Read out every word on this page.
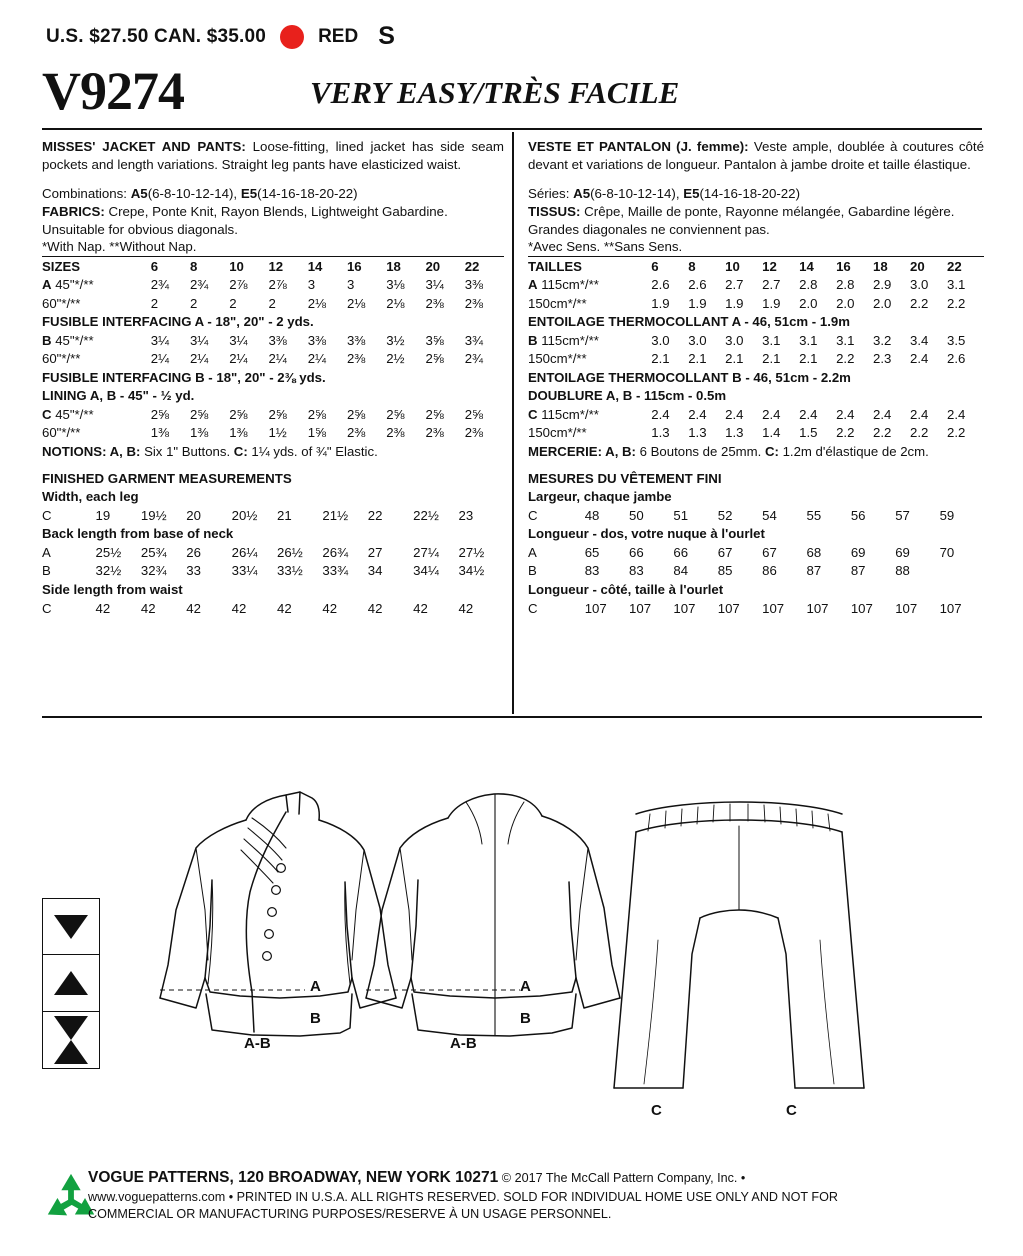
U.S. $27.50 CAN. $35.00	RED S
V9274	VERY EASY/TRÈS FACILE

MISSES' JACKET AND PANTS: Loose-fitting, lined jacket has side seam pockets and length variations. Straight leg pants have elasticized waist.

Combinations: A5(6-8-10-12-14), E5(14-16-18-20-22)

FABRICS: Crepe, Ponte Knit, Rayon Blends, Lightweight Gabardine.

Unsuitable for obvious diagonals.

*With Nap. **Without Nap.

SIZES	6	8	10	12	14	16	18	20	22
A 45"*/**	2¾	2¾	2⅞	2⅞	3	3	3⅛	3¼	3⅜
60"*/**	2	2	2	2	2⅛	2⅛	2⅛	2⅜	2⅜
FUSIBLE INTERFACING A - 18", 20" - 2 yds.									
B 45"*/**	3¼	3¼	3¼	3⅜	3⅜	3⅜	3½	3⅝	3¾
60"*/**	2¼	2¼	2¼	2¼	2¼	2⅜	2½	2⅝	2¾
FUSIBLE INTERFACING B - 18", 20" - 2⅜ yds.									
LINING A, B - 45" - ½ yd.									
C 45"*/**	2⅝	2⅝	2⅝	2⅝	2⅝	2⅝	2⅝	2⅝	2⅝
60"*/**	1⅜	1⅜	1⅜	1½	1⅝	2⅜	2⅜	2⅜	2⅜
NOTIONS: A, B: Six 1" Buttons. C: 1¼ yds. of ¾" Elastic.									

FINISHED GARMENT MEASUREMENTS

Width, each leg									
C	19	19½	20	20½	21	21½	22	22½	23
Back length from base of neck									
A	25½	25¾	26	26¼	26½	26¾	27	27¼	27½
B	32½	32¾	33	33¼	33½	33¾	34	34¼	34½
Side length from waist									
C	42	42	42	42	42	42	42	42	42

VESTE ET PANTALON (J. femme): Veste ample, doublée à coutures côté devant et variations de longueur. Pantalon à jambe droite et taille élastique.

Séries: A5(6-8-10-12-14), E5(14-16-18-20-22)

TISSUS: Crêpe, Maille de ponte, Rayonne mélangée, Gabardine légère.

Grandes diagonales ne conviennent pas.

*Avec Sens. **Sans Sens.

TAILLES	6	8	10	12	14	16	18	20	22
A 115cm*/**	2.6	2.6	2.7	2.7	2.8	2.8	2.9	3.0	3.1
150cm*/**	1.9	1.9	1.9	1.9	2.0	2.0	2.0	2.2	2.2
ENTOILAGE THERMOCOLLANT A - 46, 51cm - 1.9m									
B 115cm*/**	3.0	3.0	3.0	3.1	3.1	3.1	3.2	3.4	3.5
150cm*/**	2.1	2.1	2.1	2.1	2.1	2.2	2.3	2.4	2.6
ENTOILAGE THERMOCOLLANT B - 46, 51cm - 2.2m									
DOUBLURE A, B - 115cm - 0.5m									
C 115cm*/**	2.4	2.4	2.4	2.4	2.4	2.4	2.4	2.4	2.4
150cm*/**	1.3	1.3	1.3	1.4	1.5	2.2	2.2	2.2	2.2
MERCERIE: A, B: 6 Boutons de 25mm. C: 1.2m d'élastique de 2cm.									

MESURES DU VÊTEMENT FINI

Largeur, chaque jambe									
C	48	50	51	52	54	55	56	57	59
Longueur - dos, votre nuque à l'ourlet									
A	65	66	66	67	67	68	69	69	70
B	83	83	84	85	86	87	87	88	
Longueur - côté, taille à l'ourlet									
C	107	107	107	107	107	107	107	107	107
A
B
A-B
A
B
A-B
C	C
VOGUE PATTERNS, 120 BROADWAY, NEW YORK 10271 © 2017 The McCall Pattern Company, Inc. •
www.voguepatterns.com • PRINTED IN U.S.A. ALL RIGHTS RESERVED. SOLD FOR INDIVIDUAL HOME USE ONLY AND NOT FOR
COMMERCIAL OR MANUFACTURING PURPOSES/RESERVE À UN USAGE PERSONNEL.
